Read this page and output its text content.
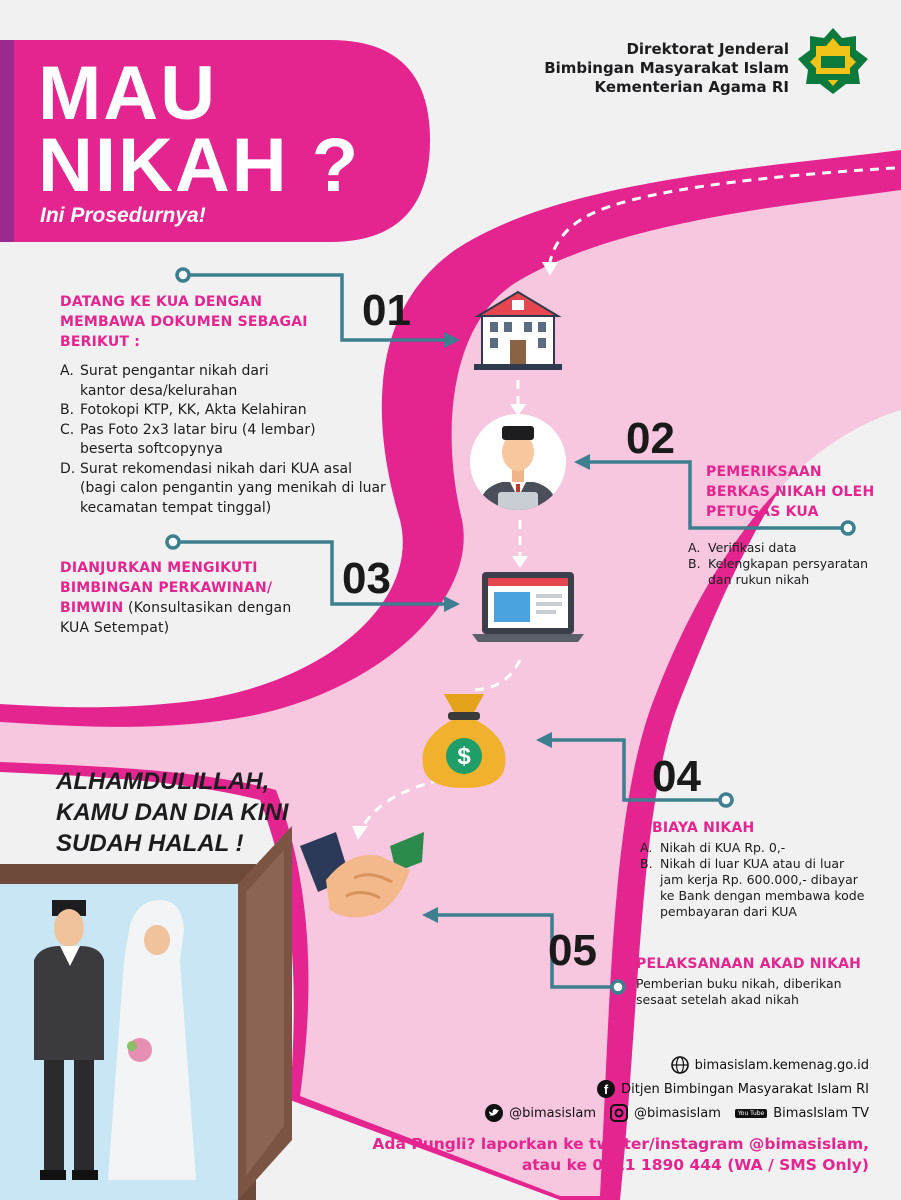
$
MAU
NIKAH ?
Ini Prosedurnya!
Direktorat Jenderal
Bimbingan Masyarakat Islam
Kementerian Agama RI
01
DATANG KE KUA DENGAN
MEMBAWA DOKUMEN SEBAGAI
BERIKUT :
A. Surat pengantar nikah dari
kantor desa/kelurahan
B. Fotokopi KTP, KK, Akta Kelahiran
C. Pas Foto 2x3 latar biru (4 lembar)
beserta softcopynya
D. Surat rekomendasi nikah dari KUA asal
(bagi calon pengantin yang menikah di luar
kecamatan tempat tinggal)
02
PEMERIKSAAN
BERKAS NIKAH OLEH
PETUGAS KUA
A. Verifikasi data
B. Kelengkapan persyaratan
dan rukun nikah
03
DIANJURKAN MENGIKUTI
BIMBINGAN PERKAWINAN/
BIMWIN (Konsultasikan dengan
KUA Setempat)
04
BIAYA NIKAH
A. Nikah di KUA Rp. 0,-
B. Nikah di luar KUA atau di luar
jam kerja Rp. 600.000,- dibayar
ke Bank dengan membawa kode
pembayaran dari KUA
05	PELAKSANAAN AKAD NIKAH
Pemberian buku nikah, diberikan
sesaat setelah akad nikah
ALHAMDULILLAH,
KAMU DAN DIA KINI
SUDAH HALAL !
bimasislam.kemenag.go.id
f Ditjen Bimbingan Masyarakat Islam RI
@bimasislam	@bimasislam	You Tube BimasIslam TV
Ada Pungli? laporkan ke twitter/instagram @bimasislam,
atau ke 0811 1890 444 (WA / SMS Only)
